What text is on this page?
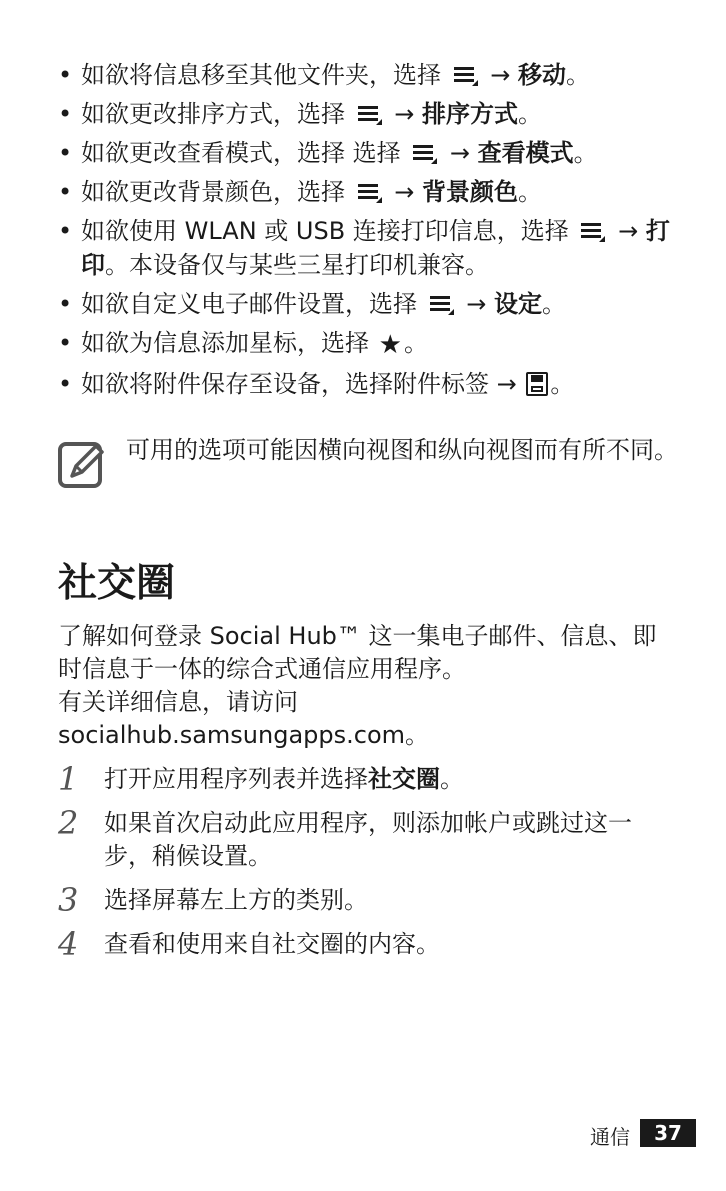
• 如欲将信息移至其他文件夹，选择 → 移动。
• 如欲更改排序方式，选择 → 排序方式。
• 如欲更改查看模式，选择 选择 → 查看模式。
• 如欲更改背景颜色，选择 → 背景颜色。
• 如欲使用 WLAN 或 USB 连接打印信息，选择 → 打印。本设备仅与某些三星打印机兼容。
• 如欲自定义电子邮件设置，选择 → 设定。
• 如欲为信息添加星标，选择 ★。
• 如欲将附件保存至设备，选择附件标签 → 。
可用的选项可能因横向视图和纵向视图而有所不同。
社交圈

了解如何登录 Social Hub™ 这一集电子邮件、信息、即时信息于一体的综合式通信应用程序。

有关详细信息，请访问

socialhub.samsungapps.com。

1 打开应用程序列表并选择社交圈。
2 如果首次启动此应用程序，则添加帐户或跳过这一步，稍候设置。
3 选择屏幕左上方的类别。
4 查看和使用来自社交圈的内容。
通信	37
